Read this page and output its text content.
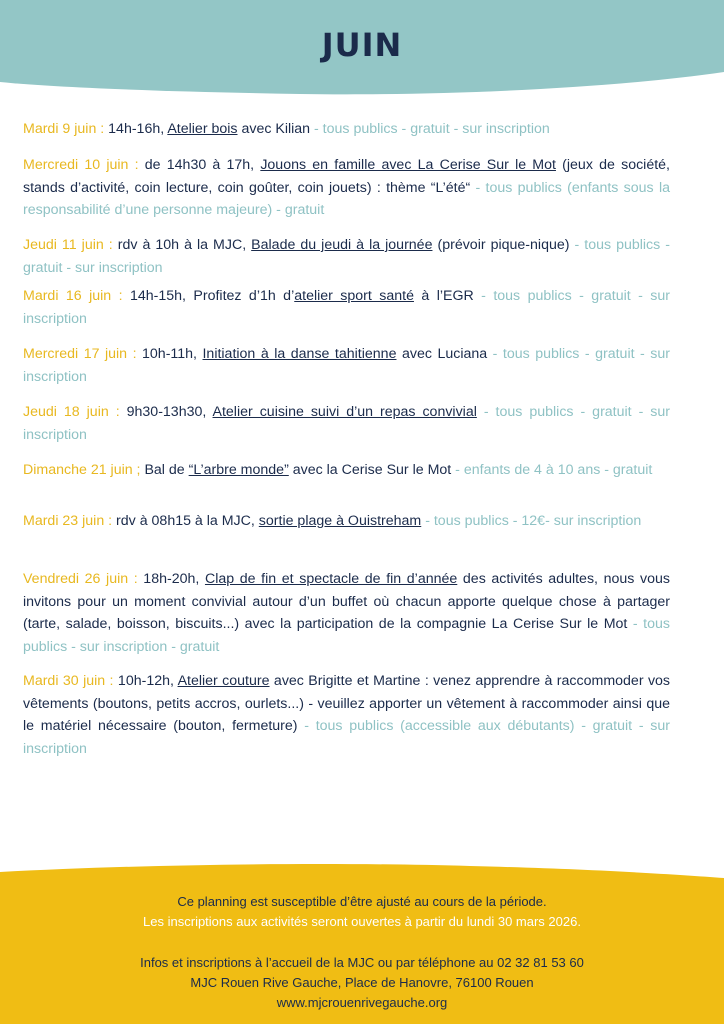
JUIN

Mardi 9 juin : 14h-16h, Atelier bois avec Kilian - tous publics - gratuit - sur inscription

Mercredi 10 juin : de 14h30 à 17h, Jouons en famille avec La Cerise Sur le Mot (jeux de société, stands d’activité, coin lecture, coin goûter, coin jouets) : thème “L’été“ - tous publics (enfants sous la responsabilité d’une personne majeure) - gratuit

Jeudi 11 juin : rdv à 10h à la MJC, Balade du jeudi à la journée (prévoir pique-nique) - tous publics - gratuit - sur inscription

Mardi 16 juin : 14h-15h, Profitez d’1h d’atelier sport santé à l’EGR - tous publics - gratuit - sur inscription

Mercredi 17 juin : 10h-11h, Initiation à la danse tahitienne avec Luciana - tous publics - gratuit - sur inscription

Jeudi 18 juin : 9h30-13h30, Atelier cuisine suivi d’un repas convivial - tous publics - gratuit - sur inscription

Dimanche 21 juin ; Bal de “L’arbre monde” avec la Cerise Sur le Mot - enfants de 4 à 10 ans - gratuit

Mardi 23 juin : rdv à 08h15 à la MJC, sortie plage à Ouistreham - tous publics - 12€- sur inscription

Vendredi 26 juin : 18h-20h, Clap de fin et spectacle de fin d’année des activités adultes, nous vous invitons pour un moment convivial autour d’un buffet où chacun apporte quelque chose à partager (tarte, salade, boisson, biscuits...) avec la participation de la compagnie La Cerise Sur le Mot - tous publics - sur inscription - gratuit

Mardi 30 juin : 10h-12h, Atelier couture avec Brigitte et Martine : venez apprendre à raccommoder vos vêtements (boutons, petits accros, ourlets...) - veuillez apporter un vêtement à raccommoder ainsi que le matériel nécessaire (bouton, fermeture) - tous publics (accessible aux débutants) - gratuit - sur inscription

Ce planning est susceptible d’être ajusté au cours de la période.
Les inscriptions aux activités seront ouvertes à partir du lundi 30 mars 2026.
Infos et inscriptions à l’accueil de la MJC ou par téléphone au 02 32 81 53 60
MJC Rouen Rive Gauche, Place de Hanovre, 76100 Rouen
www.mjcrouenrivegauche.org
